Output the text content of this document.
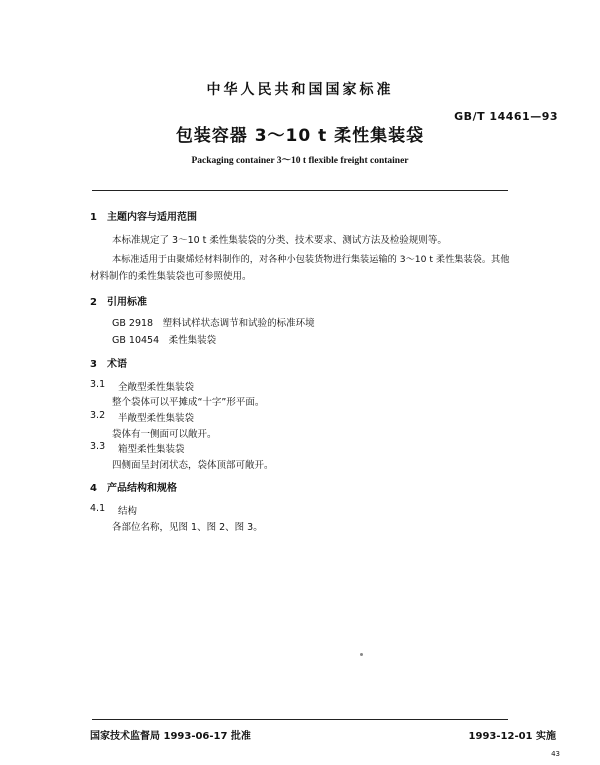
中华人民共和国国家标准
GB/T 14461—93
包装容器 3～10 t 柔性集装袋
Packaging container 3～10 t flexible freight container
1　主题内容与适用范围
本标准规定了 3～10 t 柔性集装袋的分类、技术要求、测试方法及检验规则等。
本标准适用于由聚烯烃材料制作的，对各种小包装货物进行集装运输的 3～10 t 柔性集装袋。其他
材料制作的柔性集装袋也可参照使用。
2　引用标准
GB 2918　塑料试样状态调节和试验的标准环境
GB 10454　柔性集装袋
3　术语
3.1 全敞型柔性集装袋
整个袋体可以平摊成“十字”形平面。
3.2 半敞型柔性集装袋
袋体有一侧面可以敞开。
3.3 箱型柔性集装袋
四侧面呈封闭状态，袋体顶部可敞开。
4　产品结构和规格
4.1 结构
各部位名称，见图 1、图 2、图 3。
国家技术监督局 1993-06-17 批准	1993-12-01 实施
43
